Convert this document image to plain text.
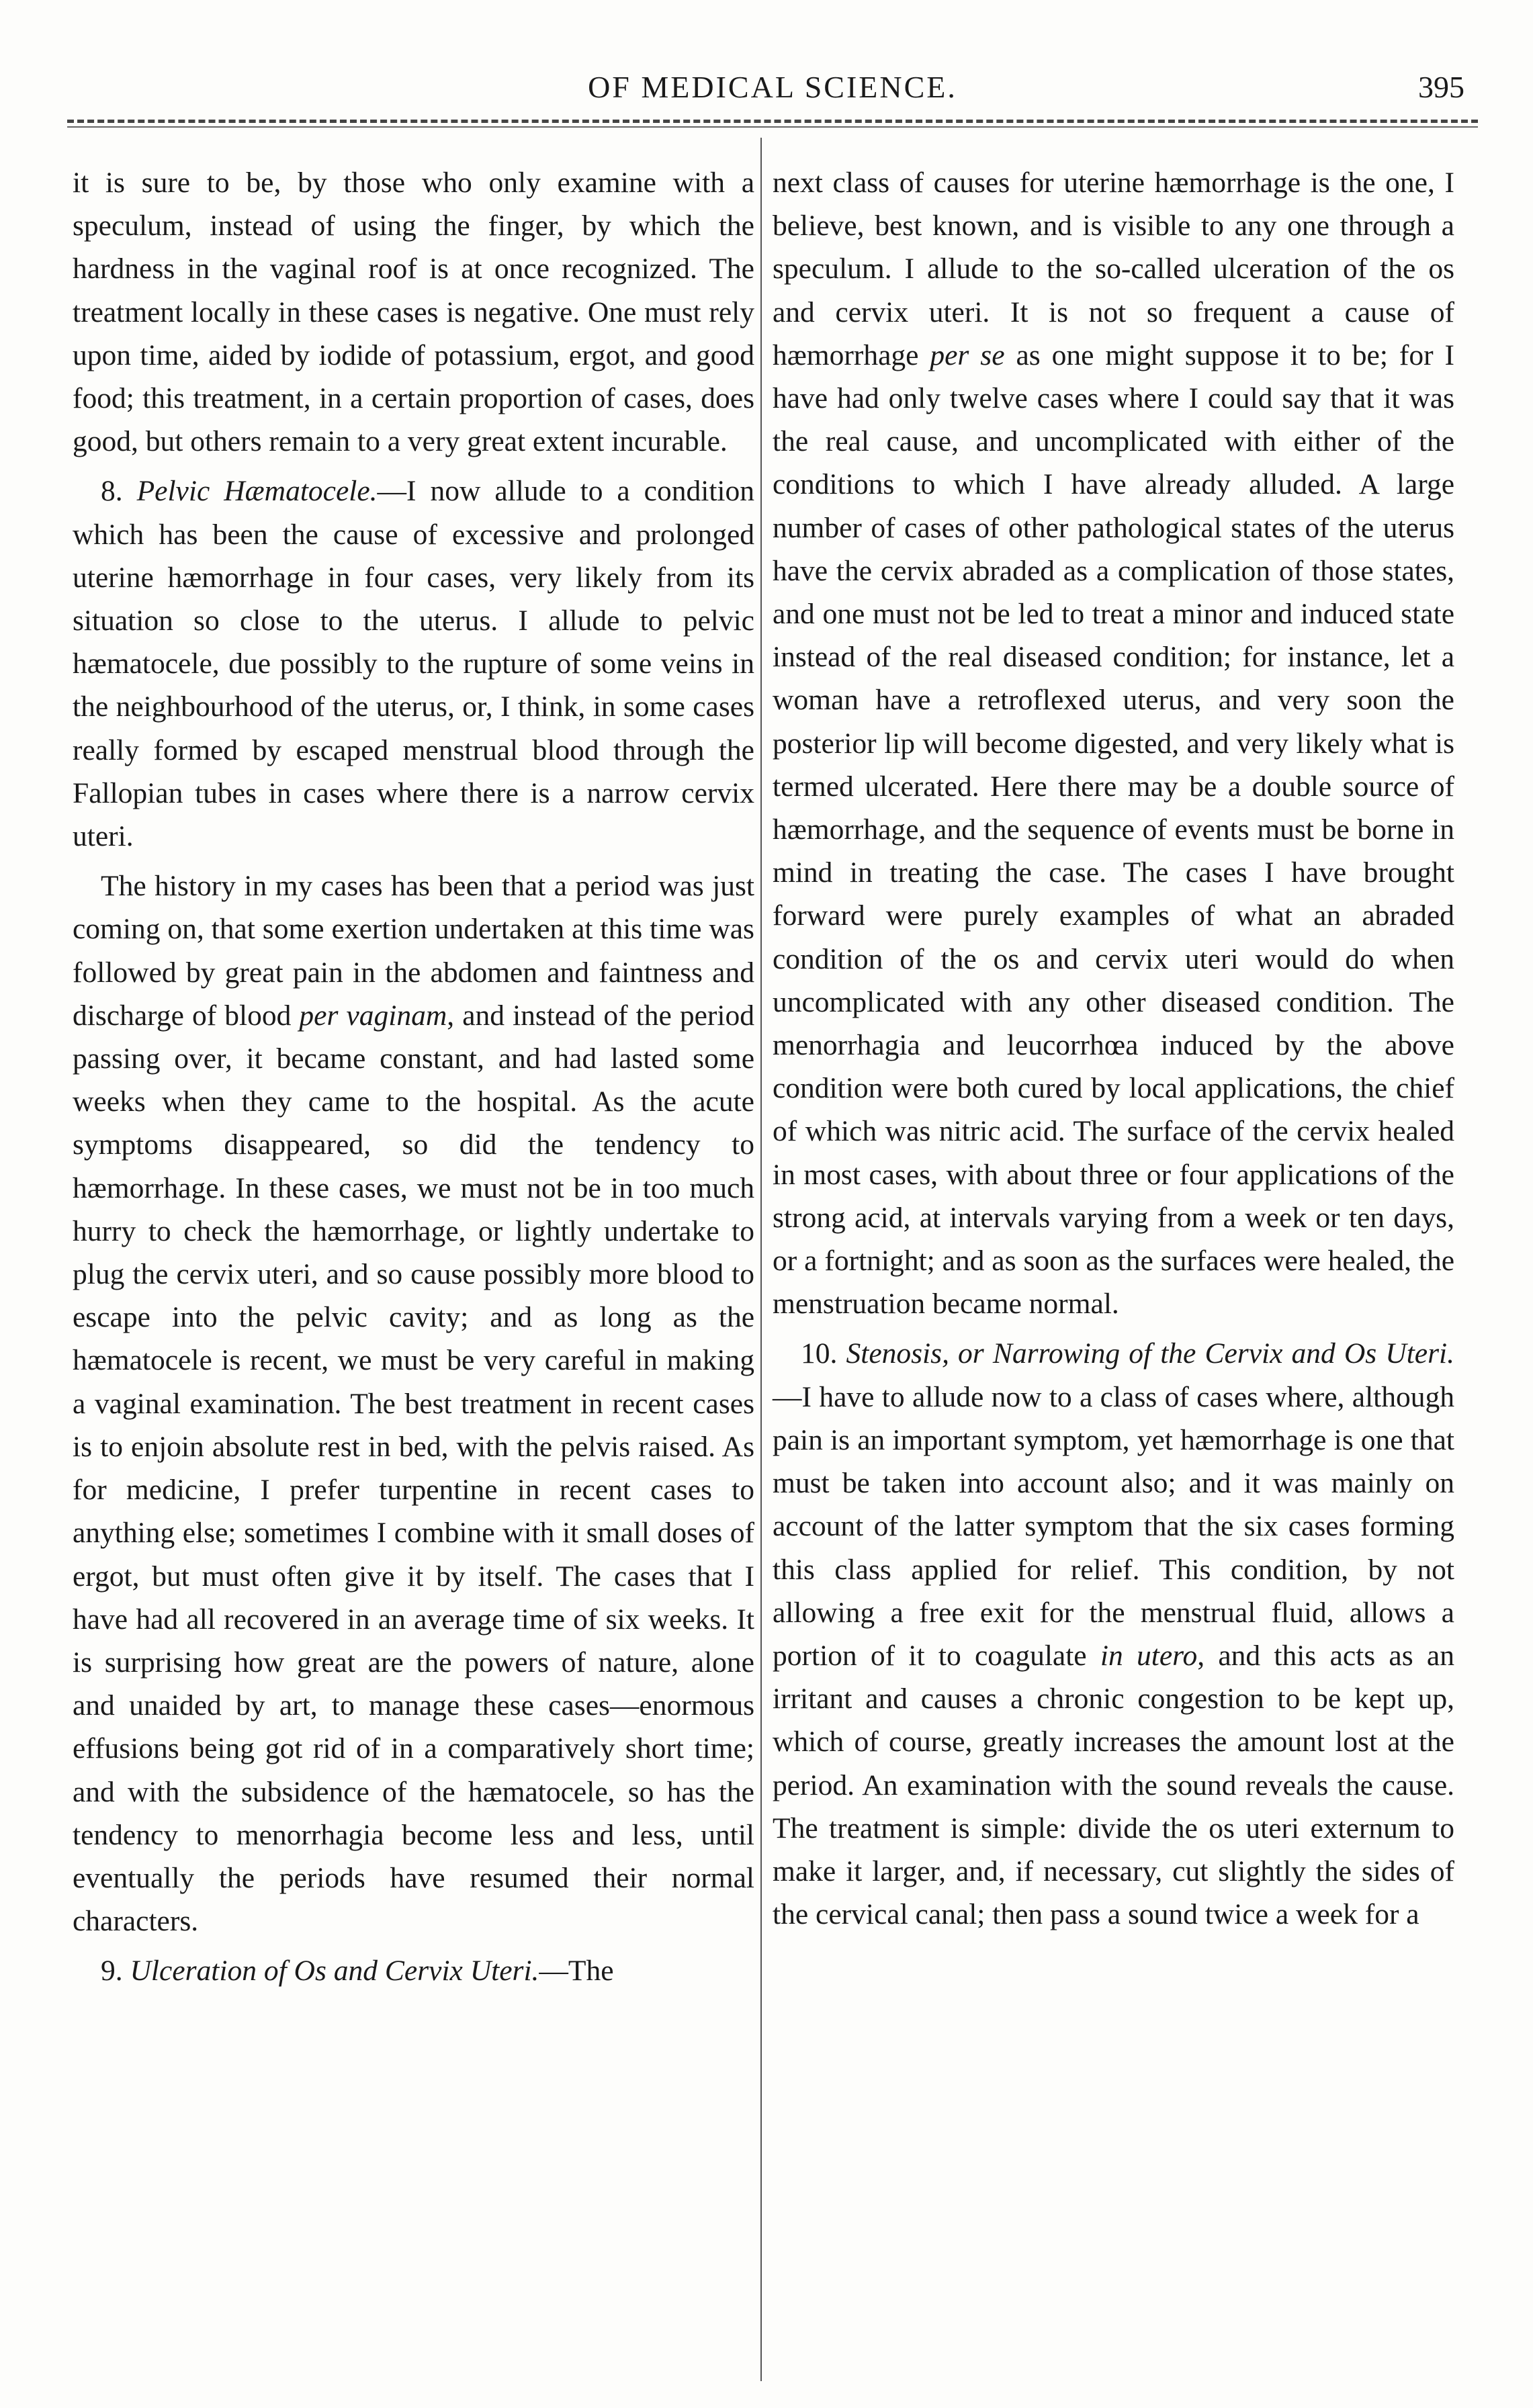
OF MEDICAL SCIENCE.	395

it is sure to be, by those who only examine with a speculum, instead of using the finger, by which the hardness in the vaginal roof is at once recognized. The treatment locally in these cases is negative. One must rely upon time, aided by iodide of potassium, ergot, and good food; this treatment, in a certain proportion of cases, does good, but others remain to a very great extent incurable.

8. Pelvic Hæmatocele.—I now allude to a condition which has been the cause of excessive and prolonged uterine hæmorrhage in four cases, very likely from its situation so close to the uterus. I allude to pelvic hæmatocele, due possibly to the rupture of some veins in the neighbourhood of the uterus, or, I think, in some cases really formed by escaped menstrual blood through the Fallopian tubes in cases where there is a narrow cervix uteri.

The history in my cases has been that a period was just coming on, that some exertion undertaken at this time was followed by great pain in the abdomen and faintness and discharge of blood per vaginam, and instead of the period passing over, it became constant, and had lasted some weeks when they came to the hospital. As the acute symptoms disappeared, so did the tendency to hæmorrhage. In these cases, we must not be in too much hurry to check the hæmorrhage, or lightly undertake to plug the cervix uteri, and so cause possibly more blood to escape into the pelvic cavity; and as long as the hæmatocele is recent, we must be very careful in making a vaginal examination. The best treatment in recent cases is to enjoin absolute rest in bed, with the pelvis raised. As for medicine, I prefer turpentine in recent cases to anything else; sometimes I combine with it small doses of ergot, but must often give it by itself. The cases that I have had all recovered in an average time of six weeks. It is surprising how great are the powers of nature, alone and unaided by art, to manage these cases—enormous effusions being got rid of in a comparatively short time; and with the subsidence of the hæmatocele, so has the tendency to menorrhagia become less and less, until eventually the periods have resumed their normal characters.

9. Ulceration of Os and Cervix Uteri.—The

next class of causes for uterine hæmorrhage is the one, I believe, best known, and is visible to any one through a speculum. I allude to the so-called ulceration of the os and cervix uteri. It is not so frequent a cause of hæmorrhage per se as one might suppose it to be; for I have had only twelve cases where I could say that it was the real cause, and uncomplicated with either of the conditions to which I have already alluded. A large number of cases of other pathological states of the uterus have the cervix abraded as a complication of those states, and one must not be led to treat a minor and induced state instead of the real diseased condition; for instance, let a woman have a retroflexed uterus, and very soon the posterior lip will become digested, and very likely what is termed ulcerated. Here there may be a double source of hæmorrhage, and the sequence of events must be borne in mind in treating the case. The cases I have brought forward were purely examples of what an abraded condition of the os and cervix uteri would do when uncomplicated with any other diseased condition. The menorrhagia and leucorrhœa induced by the above condition were both cured by local applications, the chief of which was nitric acid. The surface of the cervix healed in most cases, with about three or four applications of the strong acid, at intervals varying from a week or ten days, or a fortnight; and as soon as the surfaces were healed, the menstruation became normal.

10. Stenosis, or Narrowing of the Cervix and Os Uteri.—I have to allude now to a class of cases where, although pain is an important symptom, yet hæmorrhage is one that must be taken into account also; and it was mainly on account of the latter symptom that the six cases forming this class applied for relief. This condition, by not allowing a free exit for the menstrual fluid, allows a portion of it to coagulate in utero, and this acts as an irritant and causes a chronic congestion to be kept up, which of course, greatly increases the amount lost at the period. An examination with the sound reveals the cause. The treatment is simple: divide the os uteri externum to make it larger, and, if necessary, cut slightly the sides of the cervical canal; then pass a sound twice a week for a
